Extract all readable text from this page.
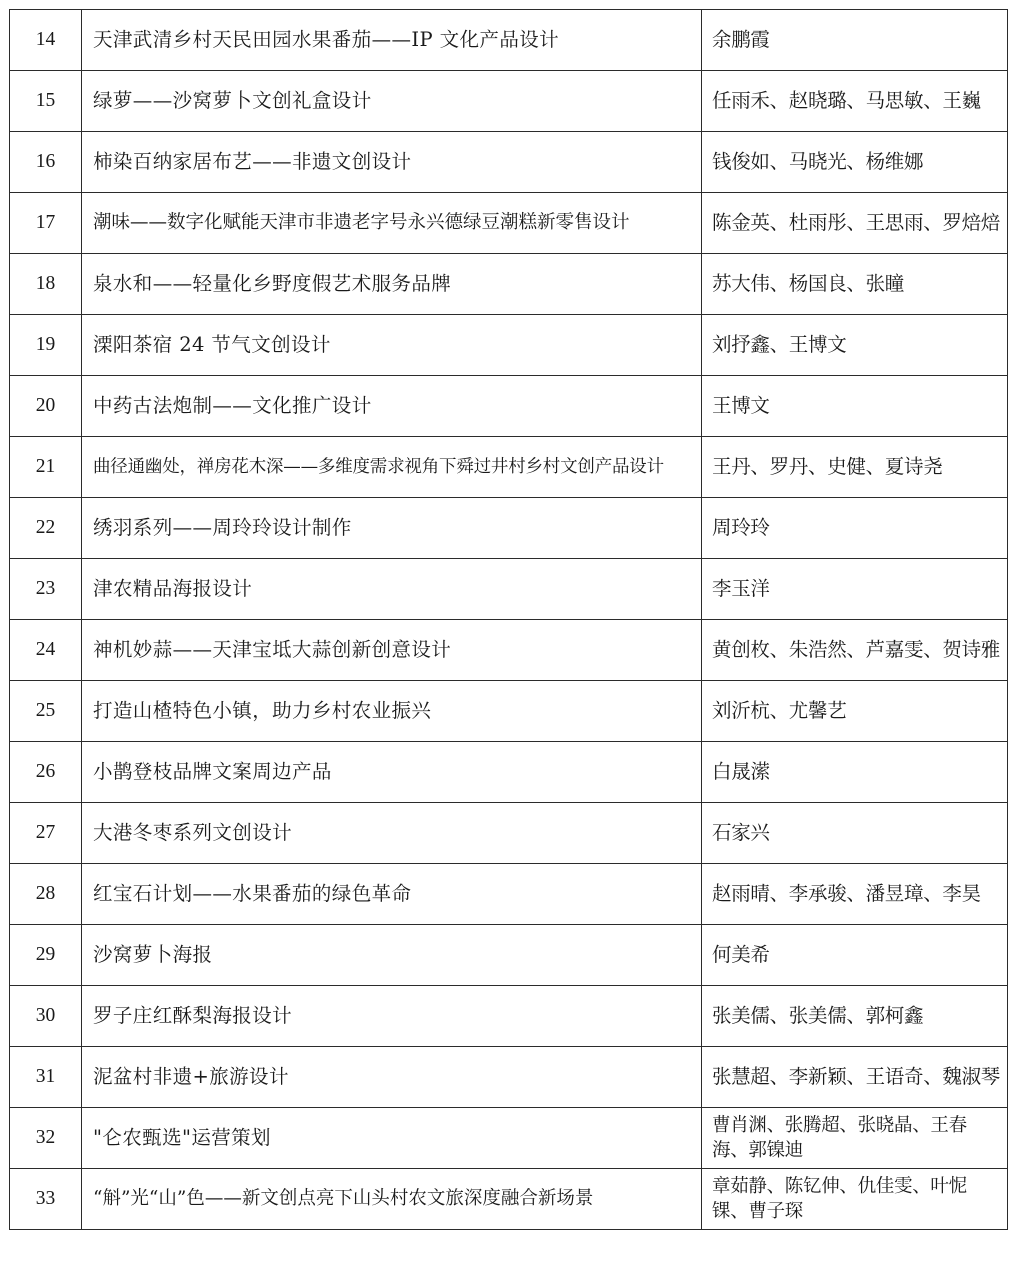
14	天津武清乡村天民田园水果番茄——IP 文化产品设计	余鹏霞

15	绿萝——沙窝萝卜文创礼盒设计	任雨禾、赵晓璐、马思敏、王巍

16	柿染百纳家居布艺——非遗文创设计	钱俊如、马晓光、杨维娜

17	潮味——数字化赋能天津市非遗老字号永兴德绿豆潮糕新零售设计	陈金英、杜雨彤、王思雨、罗焙焙

18	泉水和——轻量化乡野度假艺术服务品牌	苏大伟、杨国良、张瞳

19	溧阳茶宿 24 节气文创设计	刘抒鑫、王博文

20	中药古法炮制——文化推广设计	王博文

21	曲径通幽处，禅房花木深——多维度需求视角下舜过井村乡村文创产品设计	王丹、罗丹、史健、夏诗尧

22	绣羽系列——周玲玲设计制作	周玲玲

23	津农精品海报设计	李玉洋

24	神机妙蒜——天津宝坻大蒜创新创意设计	黄创枚、朱浩然、芦嘉雯、贺诗雅

25	打造山楂特色小镇，助力乡村农业振兴	刘沂杭、尤馨艺

26	小鹊登枝品牌文案周边产品	白晟潆

27	大港冬枣系列文创设计	石家兴

28	红宝石计划——水果番茄的绿色革命	赵雨晴、李承骏、潘昱璋、李昊

29	沙窝萝卜海报	何美希

30	罗子庄红酥梨海报设计	张美儒、张美儒、郭柯鑫

31	泥盆村非遗+旅游设计	张慧超、李新颖、王语奇、魏淑琴

32	"仑农甄选"运营策划	曹肖渊、张腾超、张晓晶、王春海、郭镍迪

33	“斛”光“山”色——新文创点亮下山头村农文旅深度融合新场景	章茹静、陈钇伸、仇佳雯、叶怩锞、曹子琛
